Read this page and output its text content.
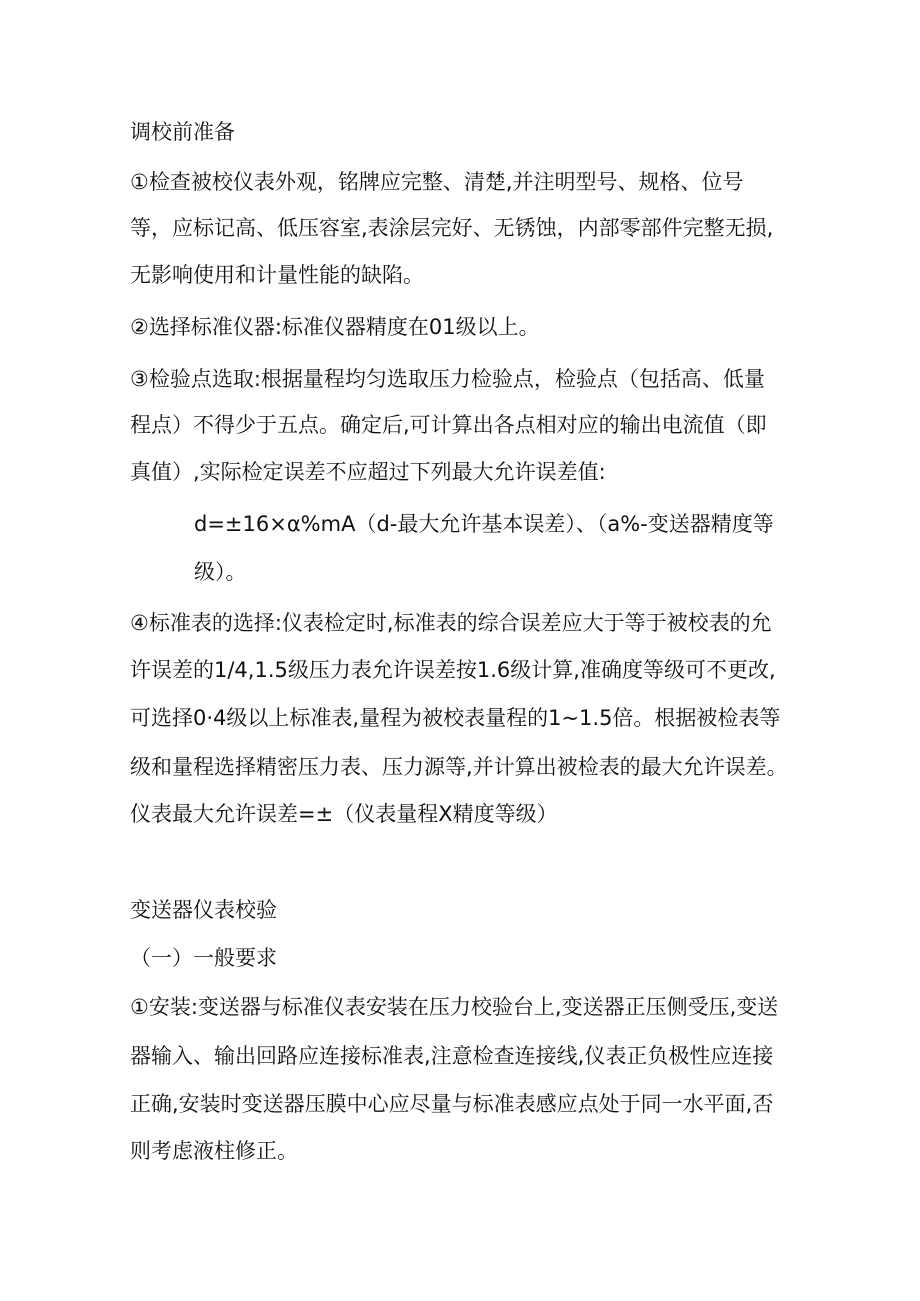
调校前准备
①检查被校仪表外观，铭牌应完整、清楚,并注明型号、规格、位号
等，应标记高、低压容室,表涂层完好、无锈蚀，内部零部件完整无损,
无影响使用和计量性能的缺陷。
②选择标准仪器:标准仪器精度在01级以上。
③检验点选取:根据量程均匀选取压力检验点，检验点（包括高、低量
程点）不得少于五点。确定后,可计算出各点相对应的输出电流值（即
真值）,实际检定误差不应超过下列最大允许误差值:
d=±16×α%mA（d-最大允许基本误差）、（a%-变送器精度等
级）。
④标准表的选择:仪表检定时,标准表的综合误差应大于等于被校表的允
许误差的1/4,1.5级压力表允许误差按1.6级计算,准确度等级可不更改,
可选择0·4级以上标准表,量程为被校表量程的1~1.5倍。根据被检表等
级和量程选择精密压力表、压力源等,并计算出被检表的最大允许误差。
仪表最大允许误差=±（仪表量程X精度等级）
变送器仪表校验
（一）一般要求
①安装:变送器与标准仪表安装在压力校验台上,变送器正压侧受压,变送
器输入、输出回路应连接标准表,注意检查连接线,仪表正负极性应连接
正确,安装时变送器压膜中心应尽量与标准表感应点处于同一水平面,否
则考虑液柱修正。
